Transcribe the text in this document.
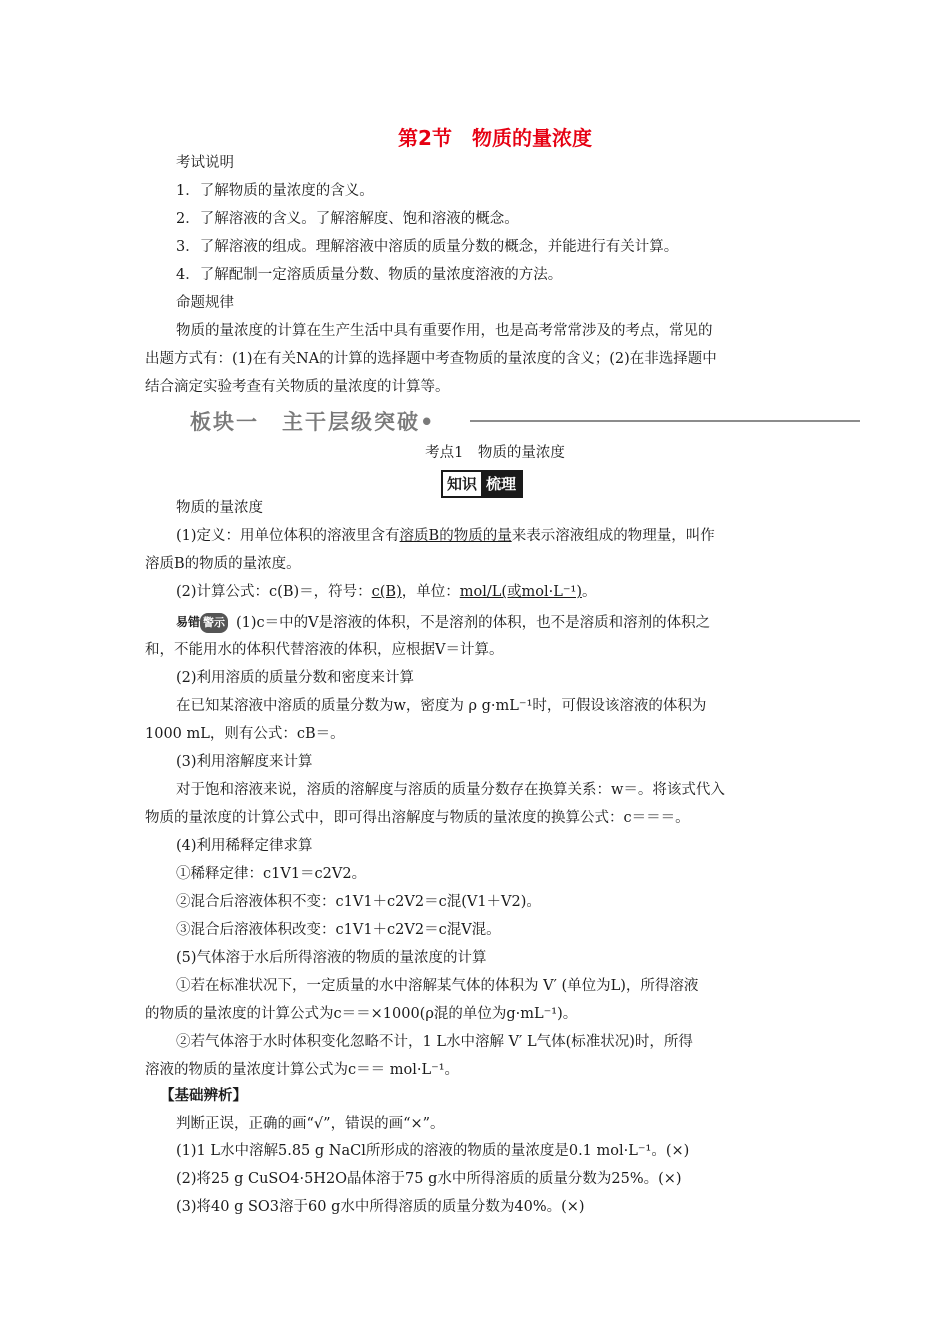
第2节　物质的量浓度
考试说明
1．了解物质的量浓度的含义。
2．了解溶液的含义。了解溶解度、饱和溶液的概念。
3．了解溶液的组成。理解溶液中溶质的质量分数的概念，并能进行有关计算。
4．了解配制一定溶质质量分数、物质的量浓度溶液的方法。
命题规律
物质的量浓度的计算在生产生活中具有重要作用，也是高考常常涉及的考点，常见的
出题方式有：(1)在有关NA的计算的选择题中考查物质的量浓度的含义；(2)在非选择题中
结合滴定实验考查有关物质的量浓度的计算等。
板块一　主干层级突破•
考点1　物质的量浓度
知识 梳理
物质的量浓度
(1)定义：用单位体积的溶液里含有溶质B的物质的量来表示溶液组成的物理量，叫作
溶质B的物质的量浓度。
(2)计算公式：c(B)＝，符号：c(B)，单位：mol/L(或mol·L⁻¹)。
易错 警示 (1)c＝中的V是溶液的体积，不是溶剂的体积，也不是溶质和溶剂的体积之
和，不能用水的体积代替溶液的体积，应根据V＝计算。
(2)利用溶质的质量分数和密度来计算
在已知某溶液中溶质的质量分数为w，密度为 ρ g·mL⁻¹时，可假设该溶液的体积为
1000 mL，则有公式：cB＝。
(3)利用溶解度来计算
对于饱和溶液来说，溶质的溶解度与溶质的质量分数存在换算关系：w＝。将该式代入
物质的量浓度的计算公式中，即可得出溶解度与物质的量浓度的换算公式：c＝＝＝。
(4)利用稀释定律求算
①稀释定律：c1V1＝c2V2。
②混合后溶液体积不变：c1V1＋c2V2＝c混(V1＋V2)。
③混合后溶液体积改变：c1V1＋c2V2＝c混V混。
(5)气体溶于水后所得溶液的物质的量浓度的计算
①若在标准状况下，一定质量的水中溶解某气体的体积为 V′ (单位为L)，所得溶液
的物质的量浓度的计算公式为c＝＝×1000(ρ混的单位为g·mL⁻¹)。
②若气体溶于水时体积变化忽略不计，1 L水中溶解 V′ L气体(标准状况)时，所得
溶液的物质的量浓度计算公式为c＝＝ mol·L⁻¹。
【基础辨析】
判断正误，正确的画“√”，错误的画“×”。
(1)1 L水中溶解5.85 g NaCl所形成的溶液的物质的量浓度是0.1 mol·L⁻¹。(×)
(2)将25 g CuSO4·5H2O晶体溶于75 g水中所得溶质的质量分数为25%。(×)
(3)将40 g SO3溶于60 g水中所得溶质的质量分数为40%。(×)
